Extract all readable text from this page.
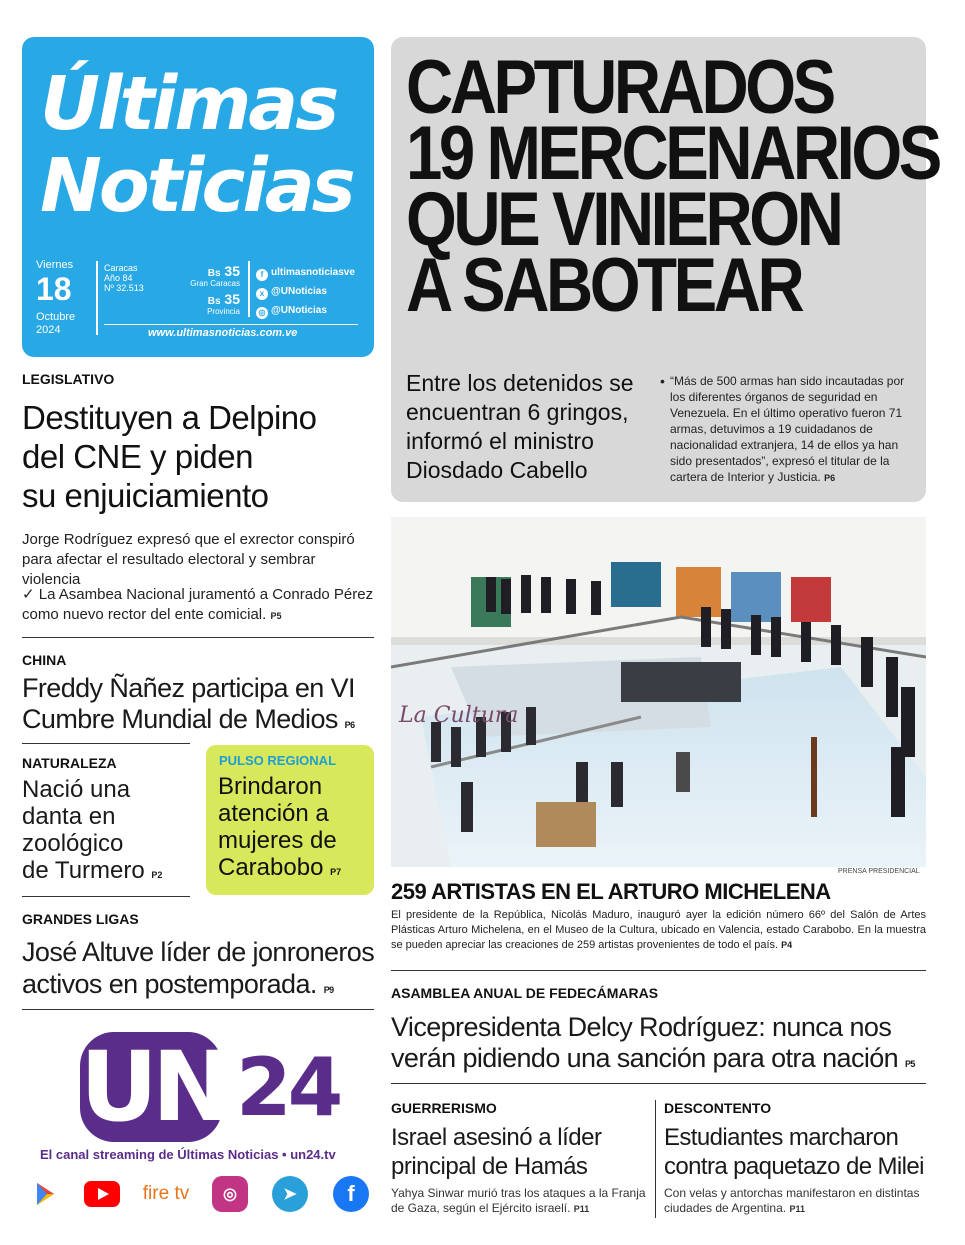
Últimas
Noticias
Viernes
18
Octubre
2024
Caracas
Año 84
Nº 32.513
Bs 35
Gran Caracas
Bs 35
Provincia
f ultimasnoticiasve
x @UNoticias
◎ @UNoticias
www.ultimasnoticias.com.ve
CAPTURADOS
19 MERCENARIOS
QUE VINIERON
A SABOTEAR
Entre los detenidos se encuentran 6 gringos, informó el ministro Diosdado Cabello
• “Más de 500 armas han sido incautadas por los diferentes órganos de seguridad en Venezuela. En el último operativo fueron 71 armas, detuvimos a 19 cuidadanos de nacionalidad extranjera, 14 de ellos ya han sido presentados”, expresó el titular de la cartera de Interior y Justicia. P6
LEGISLATIVO
Destituyen a Delpino
del CNE y piden
su enjuiciamiento
Jorge Rodríguez expresó que el exrector conspiró para afectar el resultado electoral y sembrar violencia
✓ La Asambea Nacional juramentó a Conrado Pérez como nuevo rector del ente comicial. P5
CHINA
Freddy Ñañez participa en VI Cumbre Mundial de Medios P6
NATURALEZA
Nació una
danta en
zoológico
de Turmero P2
PULSO REGIONAL
Brindaron
atención a
mujeres de
Carabobo P7
GRANDES LIGAS
José Altuve líder de jonroneros activos en postemporada. P9
UN 24
El canal streaming de Últimas Noticias • un24.tv
fire tv	◎	➤	f
La Cultura
PRENSA PRESIDENCIAL
259 ARTISTAS EN EL ARTURO MICHELENA
El presidente de la República, Nicolás Maduro, inauguró ayer la edición número 66º del Salón de Artes Plásticas Arturo Michelena, en el Museo de la Cultura, ubicado en Valencia, estado Carabobo. En la muestra se pueden apreciar las creaciones de 259 artistas provenientes de todo el país. P4
ASAMBLEA ANUAL DE FEDECÁMARAS
Vicepresidenta Delcy Rodríguez: nunca nos verán pidiendo una sanción para otra nación P5
GUERRERISMO
Israel asesinó a líder principal de Hamás
Yahya Sinwar murió tras los ataques a la Franja de Gaza, según el Ejército israelí. P11
DESCONTENTO
Estudiantes marcharon contra paquetazo de Milei
Con velas y antorchas manifestaron en distintas ciudades de Argentina. P11
